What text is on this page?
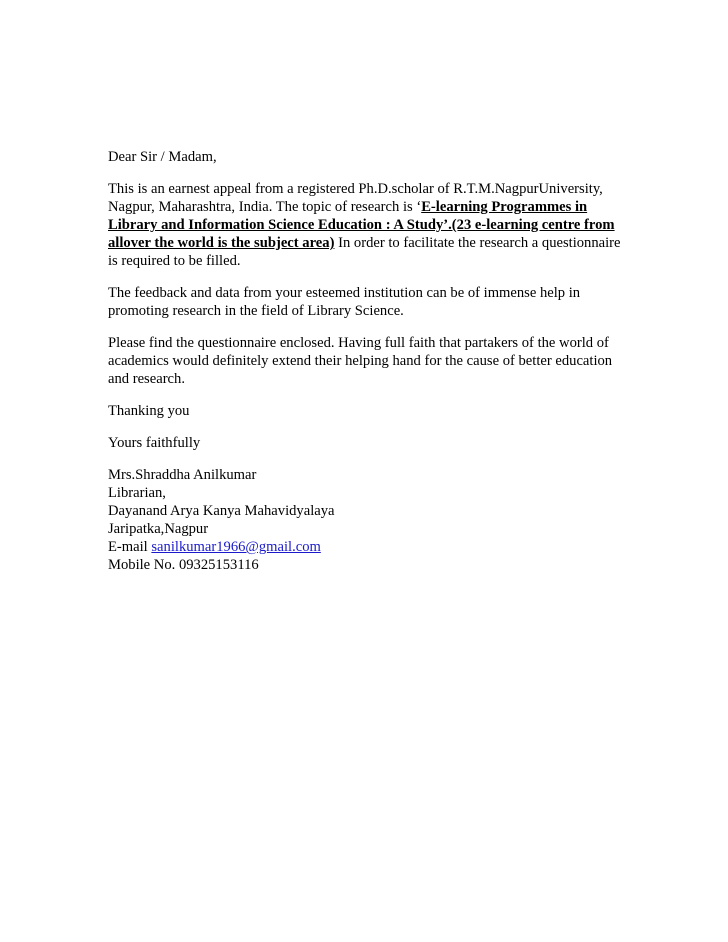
Dear Sir / Madam,

This is an earnest appeal from a registered Ph.D.scholar of R.T.M.NagpurUniversity,
Nagpur, Maharashtra, India. The topic of research is ‘E-learning Programmes in
Library and Information Science Education : A Study’.(23 e-learning centre from
allover the world is the subject area) In order to facilitate the research a questionnaire
is required to be filled.

The feedback and data from your esteemed institution can be of immense help in
promoting research in the field of Library Science.

Please find the questionnaire enclosed. Having full faith that partakers of the world of
academics would definitely extend their helping hand for the cause of better education
and research.

Thanking you

Yours faithfully

Mrs.Shraddha Anilkumar
Librarian,
Dayanand Arya Kanya Mahavidyalaya
Jaripatka,Nagpur
E-mail sanilkumar1966@gmail.com
Mobile No. 09325153116
